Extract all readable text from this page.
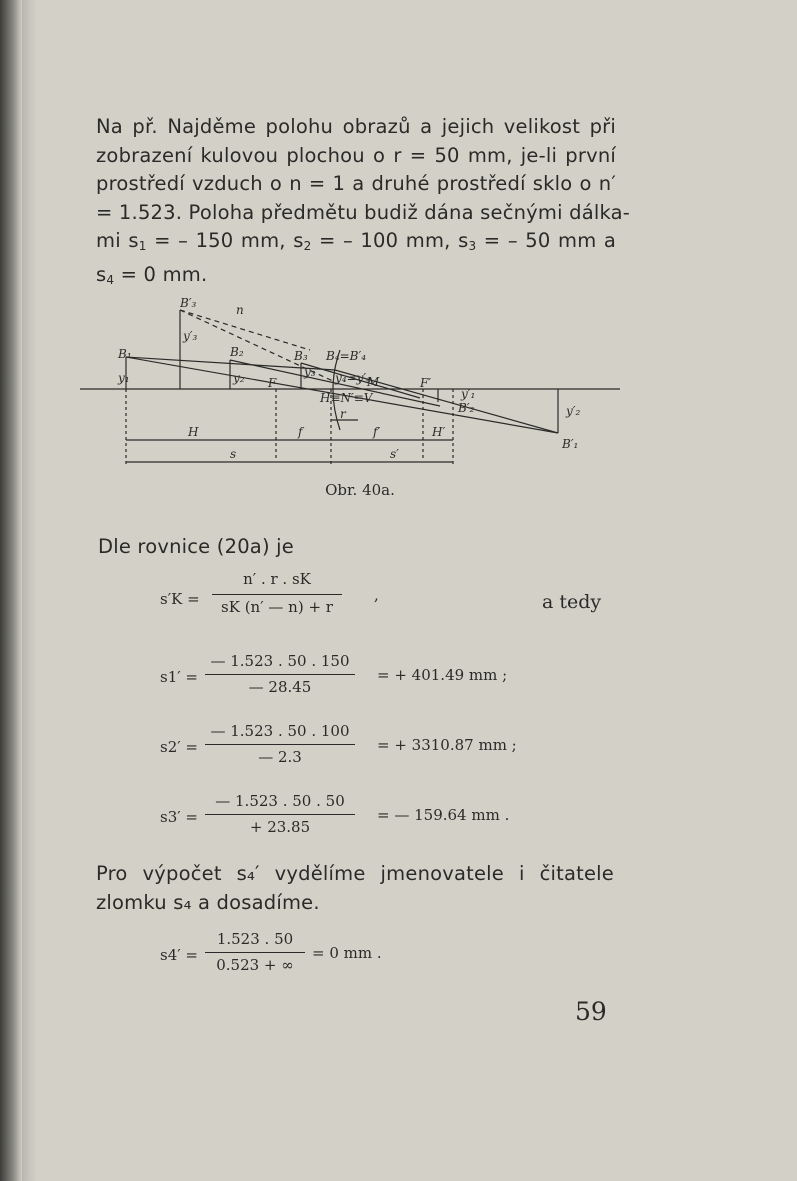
Na př. Najděme polohu obrazů a jejich velikost při
zobrazení kulovou plochou o r = 50 mm, je-li první
prostředí vzduch o n = 1 a druhé prostředí sklo o n′
= 1.523. Poloha předmětu budiž dána sečnými dálka-
mi $s_1$ = – 150 mm, $s_2$ = – 100 mm, $s_3$ = – 50 mm a
$s_4 = 0$ mm.
B′₃	n
y′₃
B₁	B₂	B₃ B₄=B′₄
y₁	y₂	y₃ y₄=y′₄
F	M	F′
H≡N′≡V	y′₁
B′₂	y′₂
B′₁
H	f	f′	H′
r
s	s′
Obr. 40a.

Dle rovnice (20a) je

s′K =
n′ . r . sK
sK (n′ — n) + r
,	a tedy
s1′ =
— 1.523 . 50 . 150
— 28.45
= + 401.49 mm ;
s2′ =
— 1.523 . 50 . 100
— 2.3
= + 3310.87 mm ;
s3′ =
— 1.523 . 50 . 50
+ 23.85
= — 159.64 mm .
Pro výpočet s₄′ vydělíme jmenovatele i čitatele
zlomku s₄ a dosadíme.
s4′ =
1.523 . 50
0.523 + ∞
= 0 mm .
59
